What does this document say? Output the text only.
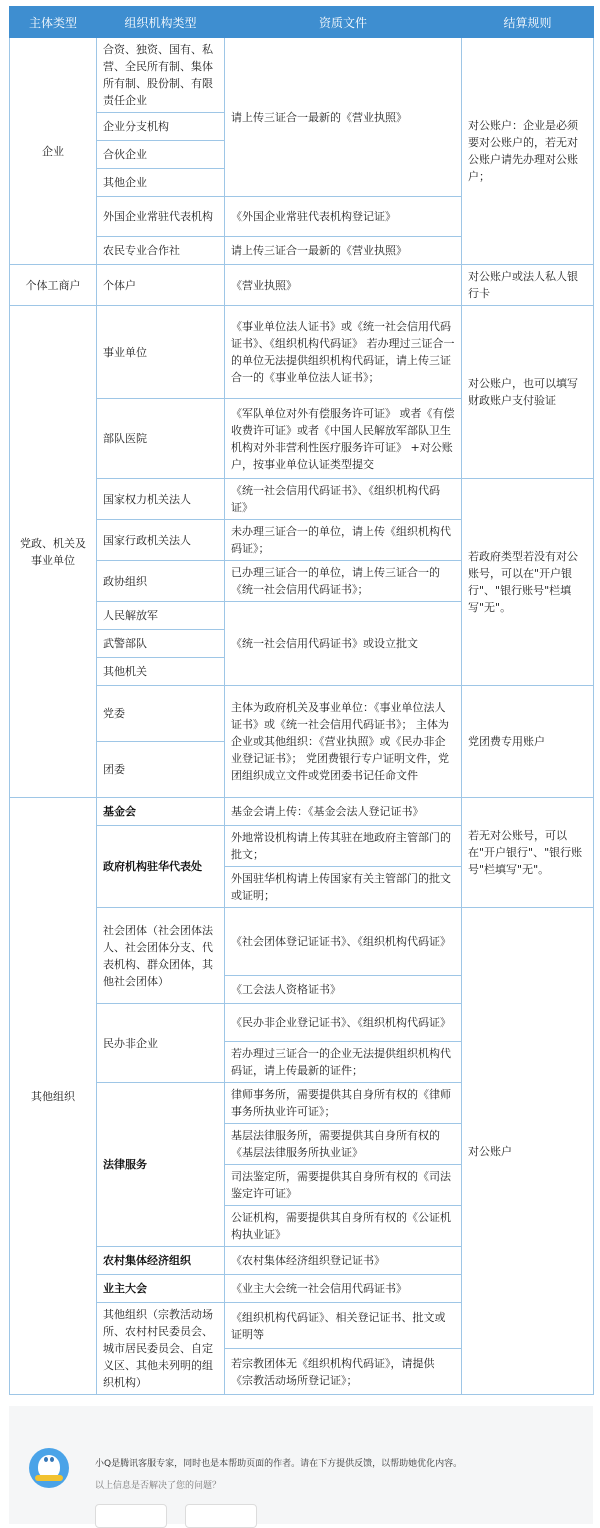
主体类型	组织机构类型	资质文件	结算规则
企业	合资、独资、国有、私营、全民所有制、集体所有制、股份制、有限责任企业	请上传三证合一最新的《营业执照》	对公账户：企业是必须要对公账户的，若无对公账户请先办理对公账户；
	企业分支机构		
	合伙企业		
	其他企业		
	外国企业常驻代表机构	《外国企业常驻代表机构登记证》	
	农民专业合作社	请上传三证合一最新的《营业执照》	
个体工商户	个体户	《营业执照》	对公账户或法人私人银行卡
党政、机关及事业单位	事业单位	《事业单位法人证书》或《统一社会信用代码证书》、《组织机构代码证》 若办理过三证合一的单位无法提供组织机构代码证，请上传三证合一的《事业单位法人证书》；	对公账户，也可以填写财政账户支付验证
	部队医院	《军队单位对外有偿服务许可证》 或者《有偿收费许可证》或者《中国人民解放军部队卫生机构对外非营利性医疗服务许可证》 +对公账户，按事业单位认证类型提交	
	国家权力机关法人	《统一社会信用代码证书》、《组织机构代码证》	若政府类型若没有对公账号，可以在"开户银行"、"银行账号"栏填写"无"。
	国家行政机关法人	未办理三证合一的单位，请上传《组织机构代码证》；	
	政协组织	已办理三证合一的单位，请上传三证合一的《统一社会信用代码证书》；	
	人民解放军	《统一社会信用代码证书》或设立批文	
	武警部队		
	其他机关		
	党委	主体为政府机关及事业单位：《事业单位法人证书》或《统一社会信用代码证书》； 主体为企业或其他组织：《营业执照》或《民办非企业登记证书》； 党团费银行专户证明文件，党团组织成立文件或党团委书记任命文件	党团费专用账户
	团委		
其他组织	基金会	基金会请上传：《基金会法人登记证书》	若无对公账号，可以在"开户银行"、"银行账号"栏填写"无"。
	政府机构驻华代表处	外地常设机构请上传其驻在地政府主管部门的批文；	
		外国驻华机构请上传国家有关主管部门的批文或证明；	
	社会团体（社会团体法人、社会团体分支、代表机构、群众团体，其他社会团体）	《社会团体登记证证书》、《组织机构代码证》	对公账户
		《工会法人资格证书》	
	民办非企业	《民办非企业登记证书》、《组织机构代码证》	
		若办理过三证合一的企业无法提供组织机构代码证，请上传最新的证件；	
	法律服务	律师事务所，需要提供其自身所有权的《律师事务所执业许可证》；	
		基层法律服务所，需要提供其自身所有权的《基层法律服务所执业证》	
		司法鉴定所，需要提供其自身所有权的《司法鉴定许可证》	
		公证机构，需要提供其自身所有权的《公证机构执业证》	
	农村集体经济组织	《农村集体经济组织登记证书》	
	业主大会	《业主大会统一社会信用代码证书》	
	其他组织（宗教活动场所、农村村民委员会、城市居民委员会、自定义区、其他未列明的组织机构）	《组织机构代码证》、相关登记证书、批文或证明等	
		若宗教团体无《组织机构代码证》，请提供《宗教活动场所登记证》；	
小Q是腾讯客服专家，同时也是本帮助页面的作者。请在下方提供反馈，以帮助她优化内容。
以上信息是否解决了您的问题？
